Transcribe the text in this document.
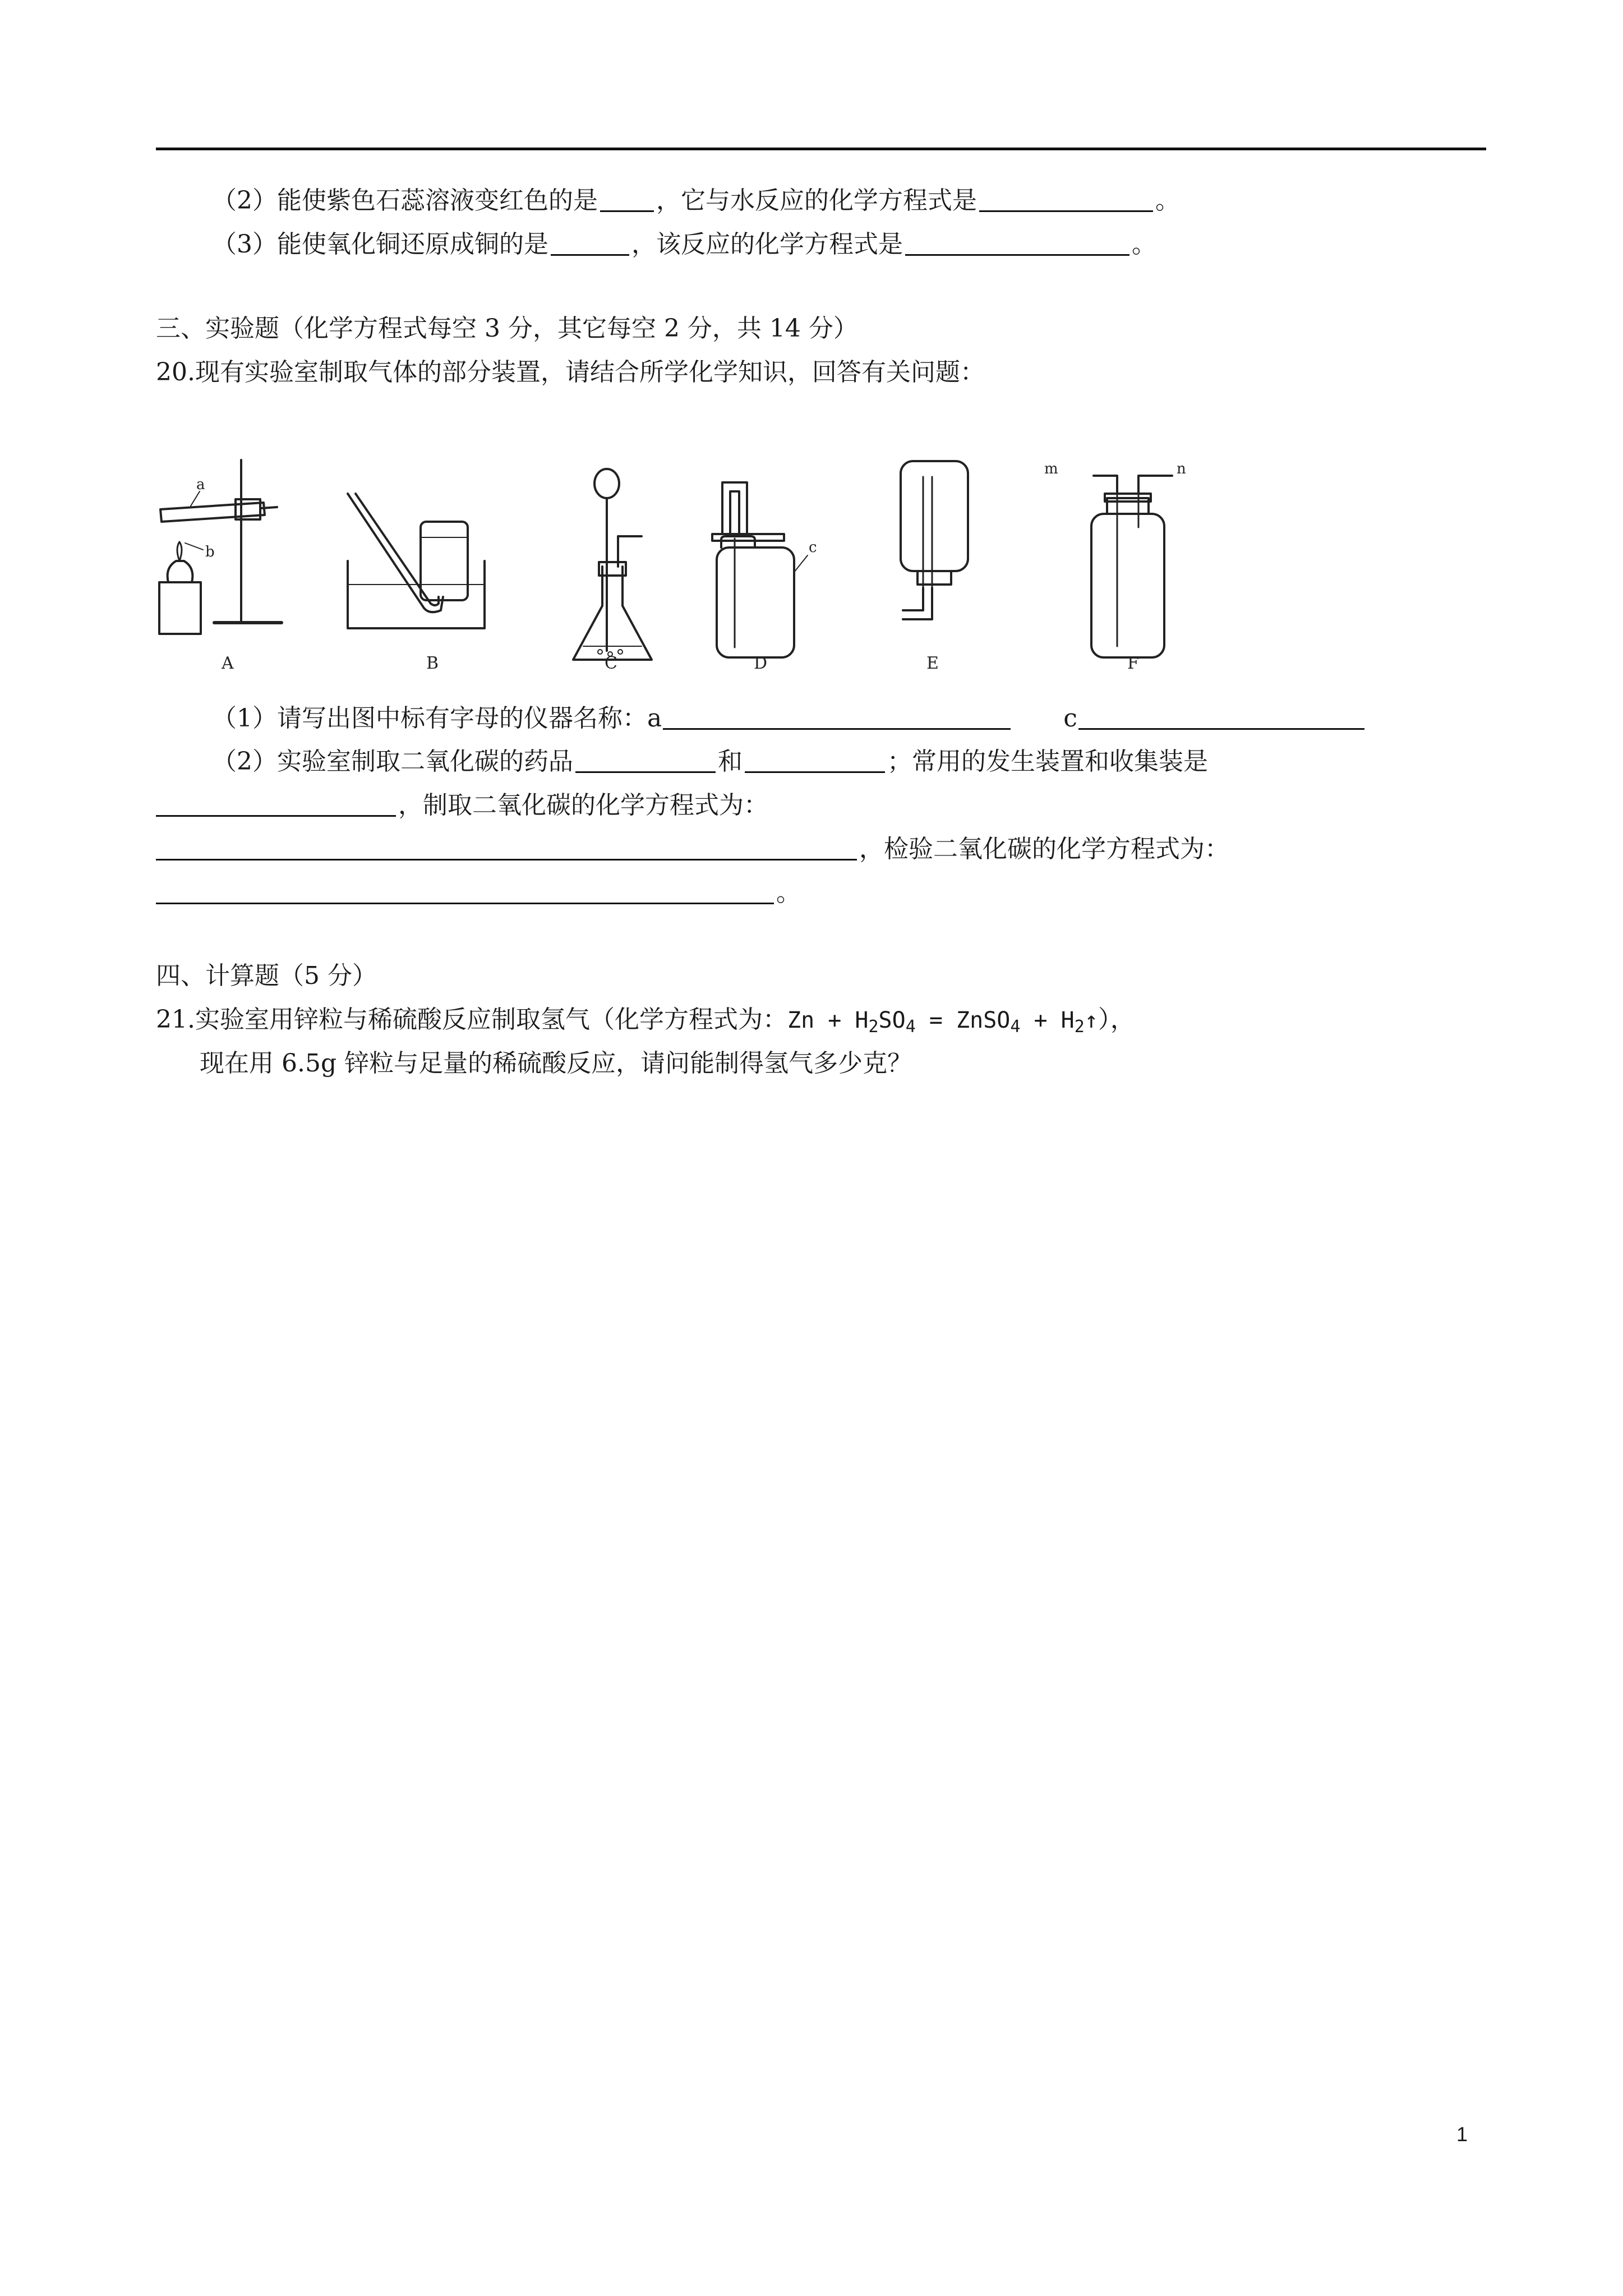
（2）能使紫色石蕊溶液变红色的是 ，它与水反应的化学方程式是	。
（3）能使氧化铜还原成铜的是	，该反应的化学方程式是	。
三、实验题（化学方程式每空 3 分，其它每空 2 分，共 14 分）
20.现有实验室制取气体的部分装置，请结合所学化学知识，回答有关问题：
a
b	c
m	n
A	B	C	D	E	F
（1）请写出图中标有字母的仪器名称：a	c
（2）实验室制取二氧化碳的药品	和	；常用的发生装置和收集装是
，制取二氧化碳的化学方程式为：
，检验二氧化碳的化学方程式为：
。
四、计算题（5 分）
21.实验室用锌粒与稀硫酸反应制取氢气（化学方程式为：$Zn + H_2SO_4$ = ZnSO$_4$ + $H_2↑$），
现在用 6.5g 锌粒与足量的稀硫酸反应，请问能制得氢气多少克？
1
